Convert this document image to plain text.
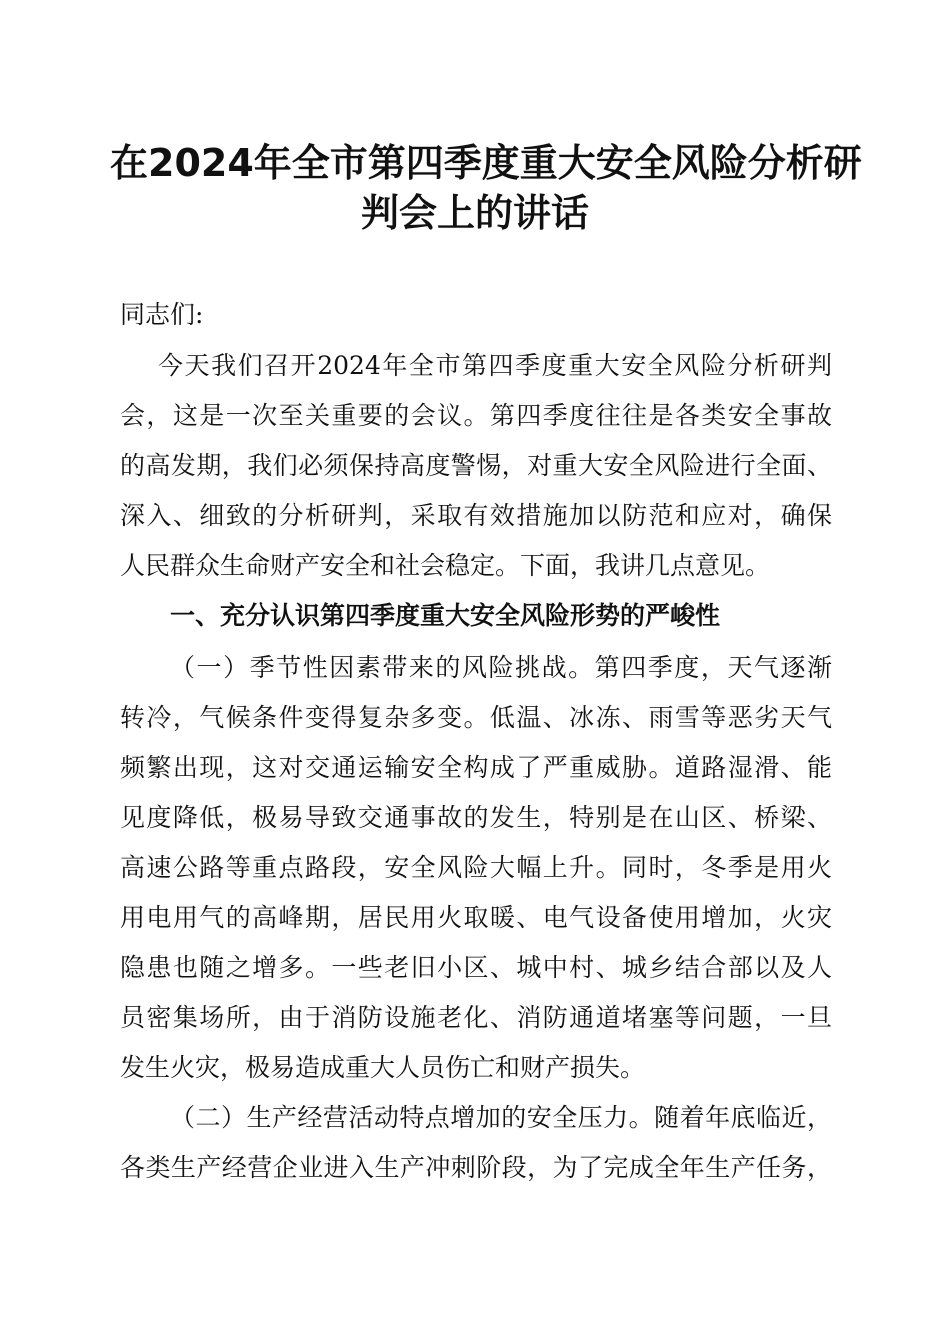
在2024年全市第四季度重大安全风险分析研
判会上的讲话
同志们:
今天我们召开2024年全市第四季度重大安全风险分析研判
会，这是一次至关重要的会议。第四季度往往是各类安全事故
的高发期，我们必须保持高度警惕，对重大安全风险进行全面、
深入、细致的分析研判，采取有效措施加以防范和应对，确保
人民群众生命财产安全和社会稳定。下面，我讲几点意见。
一、充分认识第四季度重大安全风险形势的严峻性
（一）季节性因素带来的风险挑战。第四季度，天气逐渐
转冷，气候条件变得复杂多变。低温、冰冻、雨雪等恶劣天气
频繁出现，这对交通运输安全构成了严重威胁。道路湿滑、能
见度降低，极易导致交通事故的发生，特别是在山区、桥梁、
高速公路等重点路段，安全风险大幅上升。同时，冬季是用火
用电用气的高峰期，居民用火取暖、电气设备使用增加，火灾
隐患也随之增多。一些老旧小区、城中村、城乡结合部以及人
员密集场所，由于消防设施老化、消防通道堵塞等问题，一旦
发生火灾，极易造成重大人员伤亡和财产损失。
（二）生产经营活动特点增加的安全压力。随着年底临近，
各类生产经营企业进入生产冲刺阶段，为了完成全年生产任务，
